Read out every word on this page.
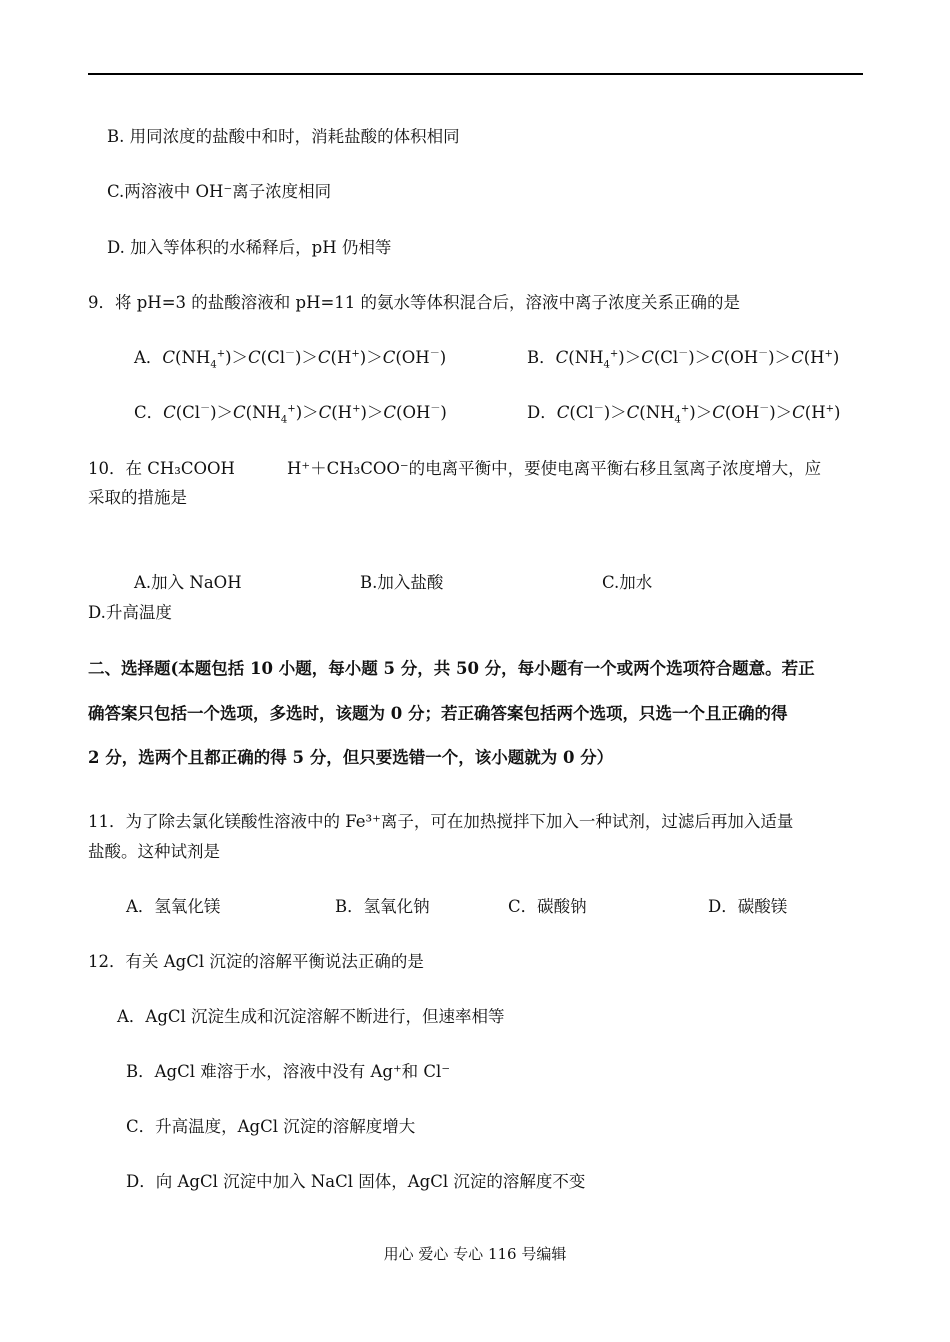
B. 用同浓度的盐酸中和时，消耗盐酸的体积相同
C.两溶液中 OH⁻离子浓度相同
D. 加入等体积的水稀释后，pH 仍相等
9．将 pH=3 的盐酸溶液和 pH=11 的氨水等体积混合后，溶液中离子浓度关系正确的是
A．$C(NH_4^+)>C(Cl^-)>C(H^+)>C(OH^-)$	B．$C(NH_4^+)>C(Cl^-)>C(OH^-)>C(H^+)$
C．$C(Cl^-)>C(NH_4^+)>C(H^+)>C(OH^-)$	D．$C(Cl^-)>C(NH_4^+)>C(OH^-)>C(H^+)$
10．在 CH₃COOH	H⁺＋CH₃COO⁻的电离平衡中，要使电离平衡右移且氢离子浓度增大，应
采取的措施是
A.加入 NaOH	B.加入盐酸	C.加水
D.升高温度
二、选择题(本题包括 10 小题，每小题 5 分，共 50 分，每小题有一个或两个选项符合题意。若正
确答案只包括一个选项，多选时，该题为 0 分；若正确答案包括两个选项，只选一个且正确的得
2 分，选两个且都正确的得 5 分，但只要选错一个，该小题就为 0 分）
11．为了除去氯化镁酸性溶液中的 Fe³⁺离子，可在加热搅拌下加入一种试剂，过滤后再加入适量
盐酸。这种试剂是
A．氢氧化镁	B．氢氧化钠	C．碳酸钠	D．碳酸镁
12．有关 AgCl 沉淀的溶解平衡说法正确的是
A．AgCl 沉淀生成和沉淀溶解不断进行，但速率相等
B．AgCl 难溶于水，溶液中没有 Ag⁺和 Cl⁻
C．升高温度，AgCl 沉淀的溶解度增大
D．向 AgCl 沉淀中加入 NaCl 固体，AgCl 沉淀的溶解度不变
用心 爱心 专心 116 号编辑
